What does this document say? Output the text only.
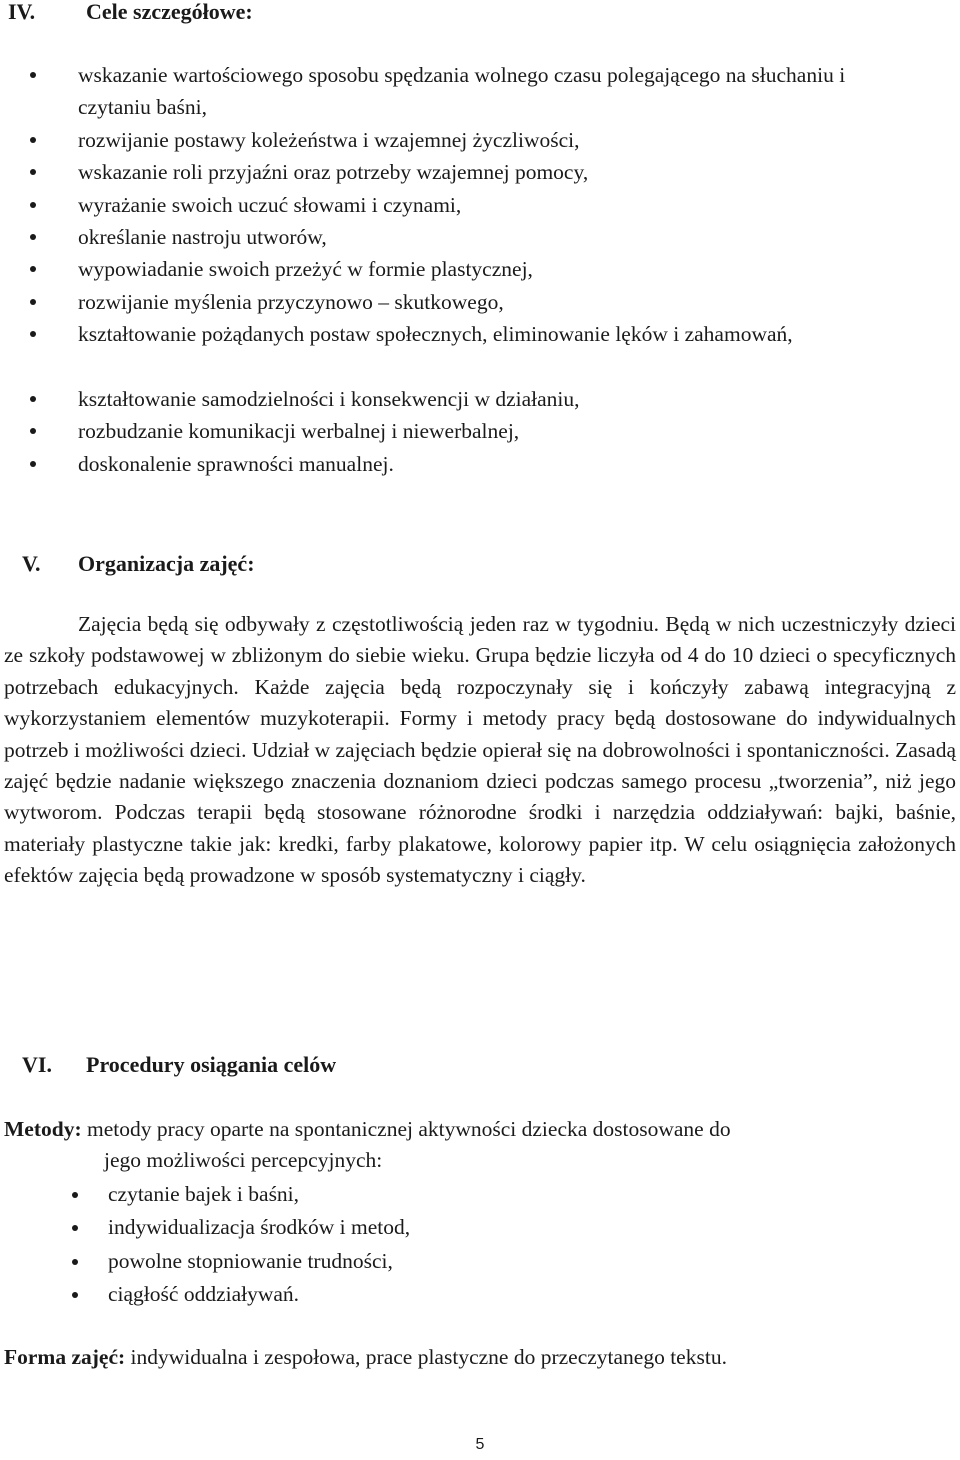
IV. Cele szczegółowe:
wskazanie wartościowego sposobu spędzania wolnego czasu polegającego na słuchaniu i czytaniu baśni,
rozwijanie postawy koleżeństwa i wzajemnej życzliwości,
wskazanie roli przyjaźni oraz potrzeby wzajemnej pomocy,
wyrażanie swoich uczuć słowami i czynami,
określanie nastroju utworów,
wypowiadanie swoich przeżyć w formie plastycznej,
rozwijanie myślenia przyczynowo – skutkowego,
kształtowanie pożądanych postaw społecznych, eliminowanie lęków i zahamowań,
kształtowanie samodzielności i konsekwencji w działaniu,
rozbudzanie komunikacji werbalnej i niewerbalnej,
doskonalenie sprawności manualnej.
V. Organizacja zajęć:

Zajęcia będą się odbywały z częstotliwością jeden raz w tygodniu. Będą w nich uczestniczyły dzieci ze szkoły podstawowej w zbliżonym do siebie wieku. Grupa będzie liczyła od 4 do 10 dzieci o specyficznych potrzebach edukacyjnych. Każde zajęcia będą rozpoczynały się i kończyły zabawą integracyjną z wykorzystaniem elementów muzykoterapii. Formy i metody pracy będą dostosowane do indywidualnych potrzeb i możliwości dzieci. Udział w zajęciach będzie opierał się na dobrowolności i spontaniczności. Zasadą zajęć będzie nadanie większego znaczenia doznaniom dzieci podczas samego procesu „tworzenia”, niż jego wytworom. Podczas terapii będą stosowane różnorodne środki i narzędzia oddziaływań: bajki, baśnie, materiały plastyczne takie jak: kredki, farby plakatowe, kolorowy papier itp. W celu osiągnięcia założonych efektów zajęcia będą prowadzone w sposób systematyczny i ciągły.

VI. Procedury osiągania celów
Metody: metody pracy oparte na spontanicznej aktywności dziecka dostosowane do
jego możliwości percepcyjnych:
czytanie bajek i baśni,
indywidualizacja środków i metod,
powolne stopniowanie trudności,
ciągłość oddziaływań.
Forma zajęć: indywidualna i zespołowa, prace plastyczne do przeczytanego tekstu.
5
